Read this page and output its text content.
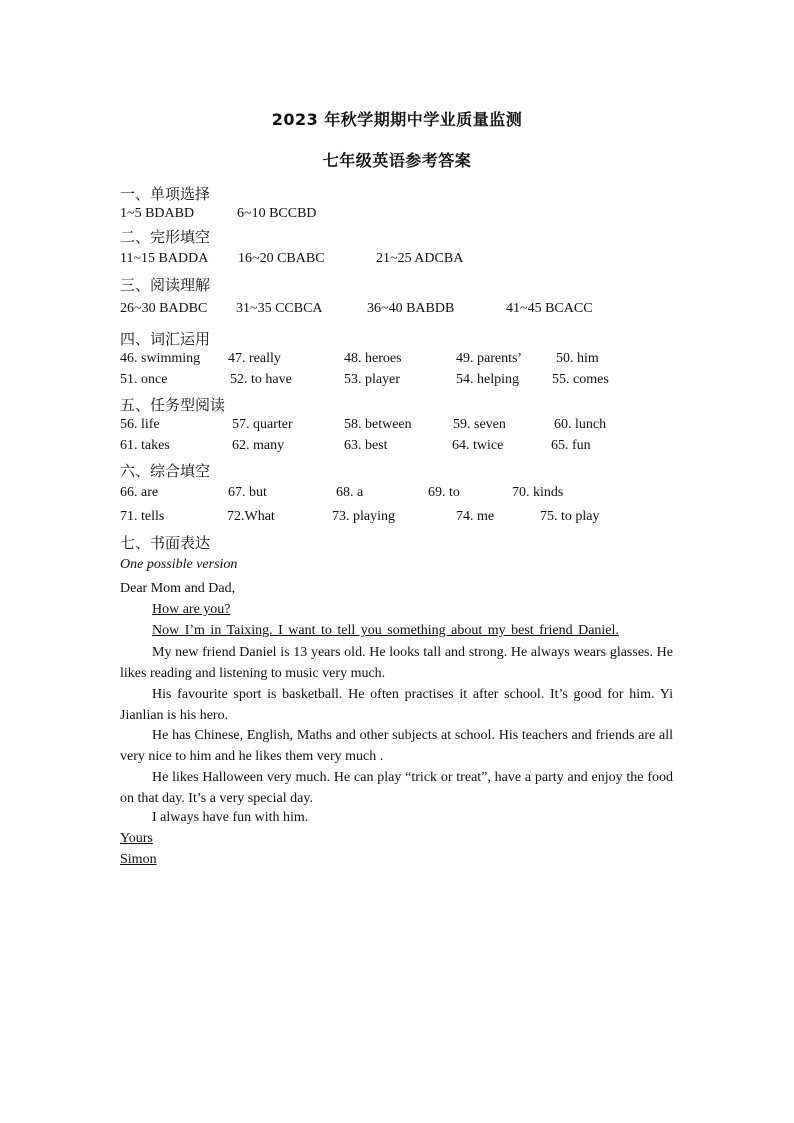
2023 年秋学期期中学业质量监测
七年级英语参考答案
一、单项选择
1~5 BDABD	6~10 BCCBD
二、完形填空
11~15 BADDA 16~20 CBABC	21~25 ADCBA
三、阅读理解
26~30 BADBC 31~35 CCBCA	36~40 BABDB	41~45 BCACC
四、词汇运用
46. swimming 47. really	48. heroes	49. parents’ 50. him
51. once	52. to have	53. player	54. helping 55. comes
五、任务型阅读
56. life	57. quarter	58. between	59. seven	60. lunch
61. takes	62. many	63. best	64. twice	65. fun
六、综合填空
66. are	67. but	68. a	69. to	70. kinds
71. tells	72.What	73. playing	74. me	75. to play
七、书面表达
One possible version
Dear Mom and Dad,
How are you?
Now I’m in Taixing. I want to tell you something about my best friend Daniel.

My new friend Daniel is 13 years old. He looks tall and strong. He always wears glasses. He likes reading and listening to music very much.

His favourite sport is basketball. He often practises it after school. It’s good for him. Yi Jianlian is his hero.

He has Chinese, English, Maths and other subjects at school. His teachers and friends are all very nice to him and he likes them very much .

He likes Halloween very much. He can play “trick or treat”, have a party and enjoy the food on that day. It’s a very special day.

I always have fun with him.
Yours
Simon
